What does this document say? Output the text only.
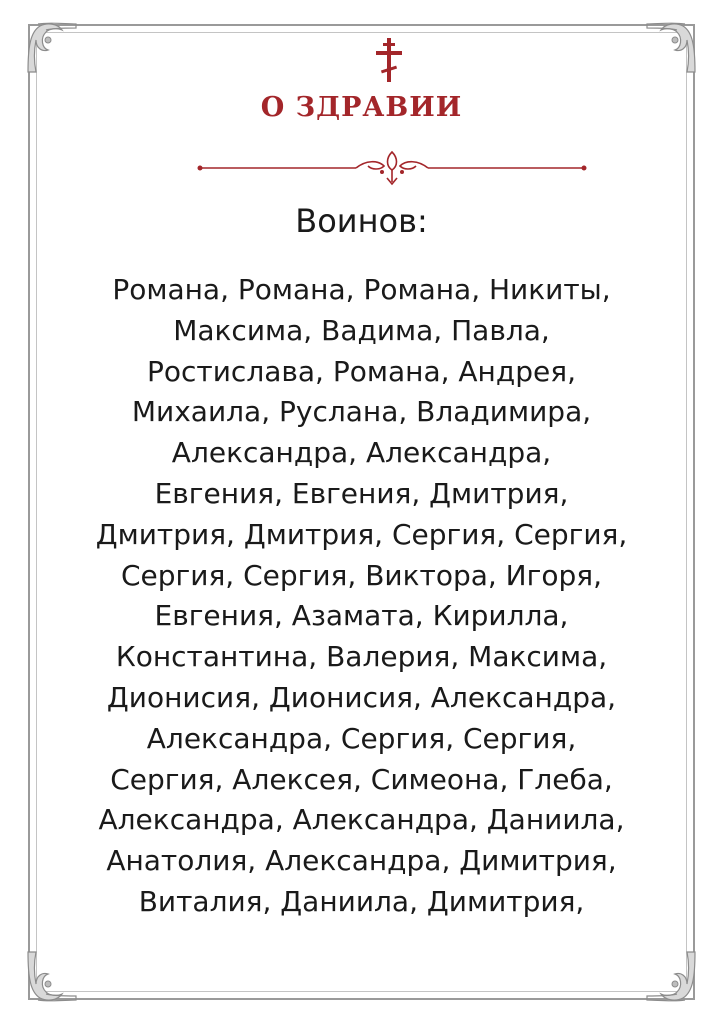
О ЗДРАВИИ
Воинов:
Романа, Романа, Романа, Никиты,
Максима, Вадима, Павла,
Ростислава, Романа, Андрея,
Михаила, Руслана, Владимира,
Александра, Александра,
Евгения, Евгения, Дмитрия,
Дмитрия, Дмитрия, Сергия, Сергия,
Сергия, Сергия, Виктора, Игоря,
Евгения, Азамата, Кирилла,
Константина, Валерия, Максима,
Дионисия, Дионисия, Александра,
Александра, Сергия, Сергия,
Сергия, Алексея, Симеона, Глеба,
Александра, Александра, Даниила,
Анатолия, Александра, Димитрия,
Виталия, Даниила, Димитрия,
